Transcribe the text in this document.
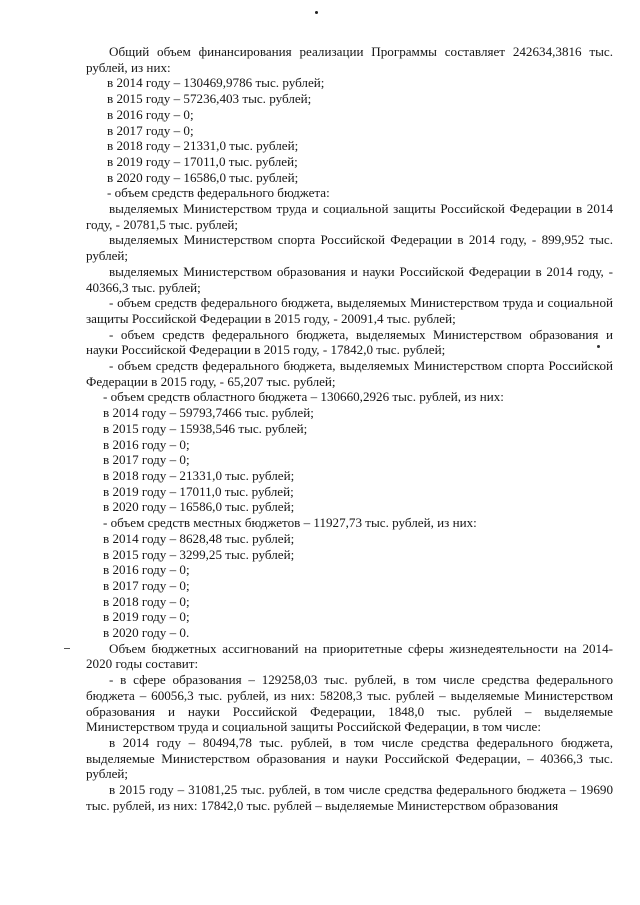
Общий объем финансирования реализации Программы составляет 242634,3816 тыс. рублей, из них:

в 2014 году – 130469,9786 тыс. рублей;

в 2015 году – 57236,403 тыс. рублей;

в 2016 году – 0;

в 2017 году – 0;

в 2018 году – 21331,0 тыс. рублей;

в 2019 году – 17011,0 тыс. рублей;

в 2020 году – 16586,0 тыс. рублей;

- объем средств федерального бюджета:

выделяемых Министерством труда и социальной защиты Российской Федерации в 2014 году, - 20781,5 тыс. рублей;

выделяемых Министерством спорта Российской Федерации в 2014 году, - 899,952 тыс. рублей;

выделяемых Министерством образования и науки Российской Федерации в 2014 году, - 40366,3 тыс. рублей;

- объем средств федерального бюджета, выделяемых Министерством труда и социальной защиты Российской Федерации в 2015 году, - 20091,4 тыс. рублей;

- объем средств федерального бюджета, выделяемых Министерством образования и науки Российской Федерации в 2015 году, - 17842,0 тыс. рублей;

- объем средств федерального бюджета, выделяемых Министерством спорта Российской Федерации в 2015 году, - 65,207 тыс. рублей;

- объем средств областного бюджета – 130660,2926 тыс. рублей, из них:

в 2014 году – 59793,7466 тыс. рублей;

в 2015 году – 15938,546 тыс. рублей;

в 2016 году – 0;

в 2017 году – 0;

в 2018 году – 21331,0 тыс. рублей;

в 2019 году – 17011,0 тыс. рублей;

в 2020 году – 16586,0 тыс. рублей;

- объем средств местных бюджетов – 11927,73 тыс. рублей, из них:

в 2014 году – 8628,48 тыс. рублей;

в 2015 году – 3299,25 тыс. рублей;

в 2016 году – 0;

в 2017 году – 0;

в 2018 году – 0;

в 2019 году – 0;

в 2020 году – 0.

Объем бюджетных ассигнований на приоритетные сферы жизнедеятельности на 2014-2020 годы составит:

- в сфере образования – 129258,03 тыс. рублей, в том числе средства федерального бюджета – 60056,3 тыс. рублей, из них: 58208,3 тыс. рублей – выделяемые Министерством образования и науки Российской Федерации, 1848,0 тыс. рублей – выделяемые Министерством труда и социальной защиты Российской Федерации, в том числе:

в 2014 году – 80494,78 тыс. рублей, в том числе средства федерального бюджета, выделяемые Министерством образования и науки Российской Федерации, – 40366,3 тыс. рублей;

в 2015 году – 31081,25 тыс. рублей, в том числе средства федерального бюджета – 19690 тыс. рублей, из них: 17842,0 тыс. рублей – выделяемые Министерством образования
